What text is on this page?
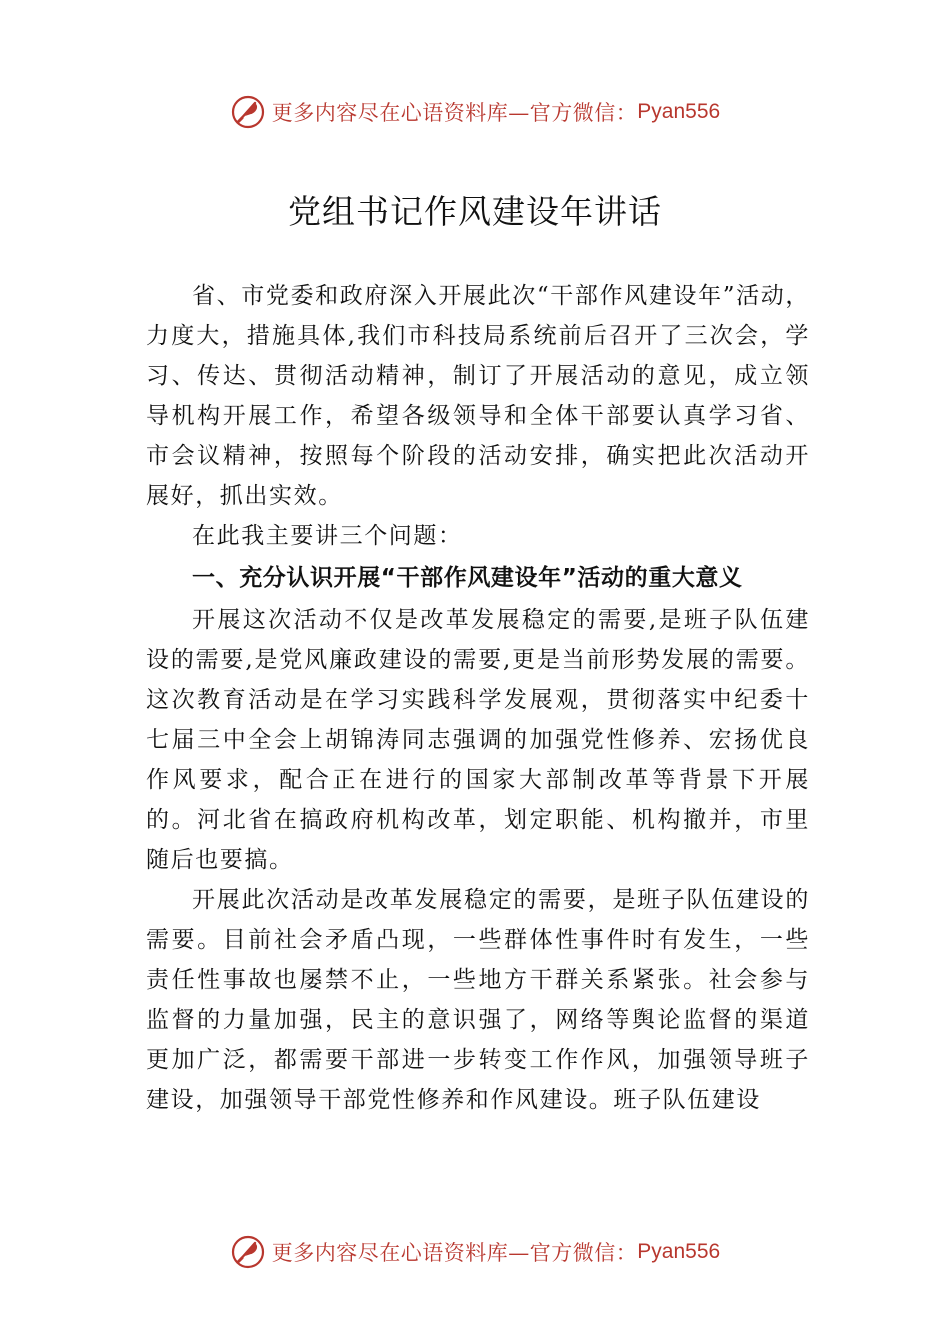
更多内容尽在心语资料库—官方微信： Pyan556
党组书记作风建设年讲话

省、市党委和政府深入开展此次“干部作风建设年”活动，力度大，措施具体,我们市科技局系统前后召开了三次会，学习、传达、贯彻活动精神，制订了开展活动的意见，成立领导机构开展工作，希望各级领导和全体干部要认真学习省、市会议精神，按照每个阶段的活动安排，确实把此次活动开展好，抓出实效。

在此我主要讲三个问题：

一、充分认识开展“干部作风建设年”活动的重大意义

开展这次活动不仅是改革发展稳定的需要,是班子队伍建设的需要,是党风廉政建设的需要,更是当前形势发展的需要。这次教育活动是在学习实践科学发展观，贯彻落实中纪委十七届三中全会上胡锦涛同志强调的加强党性修养、宏扬优良作风要求，配合正在进行的国家大部制改革等背景下开展的。河北省在搞政府机构改革，划定职能、机构撤并，市里随后也要搞。

开展此次活动是改革发展稳定的需要，是班子队伍建设的需要。目前社会矛盾凸现，一些群体性事件时有发生，一些责任性事故也屡禁不止，一些地方干群关系紧张。社会参与监督的力量加强，民主的意识强了，网络等舆论监督的渠道更加广泛，都需要干部进一步转变工作作风，加强领导班子建设，加强领导干部党性修养和作风建设。班子队伍建设

更多内容尽在心语资料库—官方微信： Pyan556
